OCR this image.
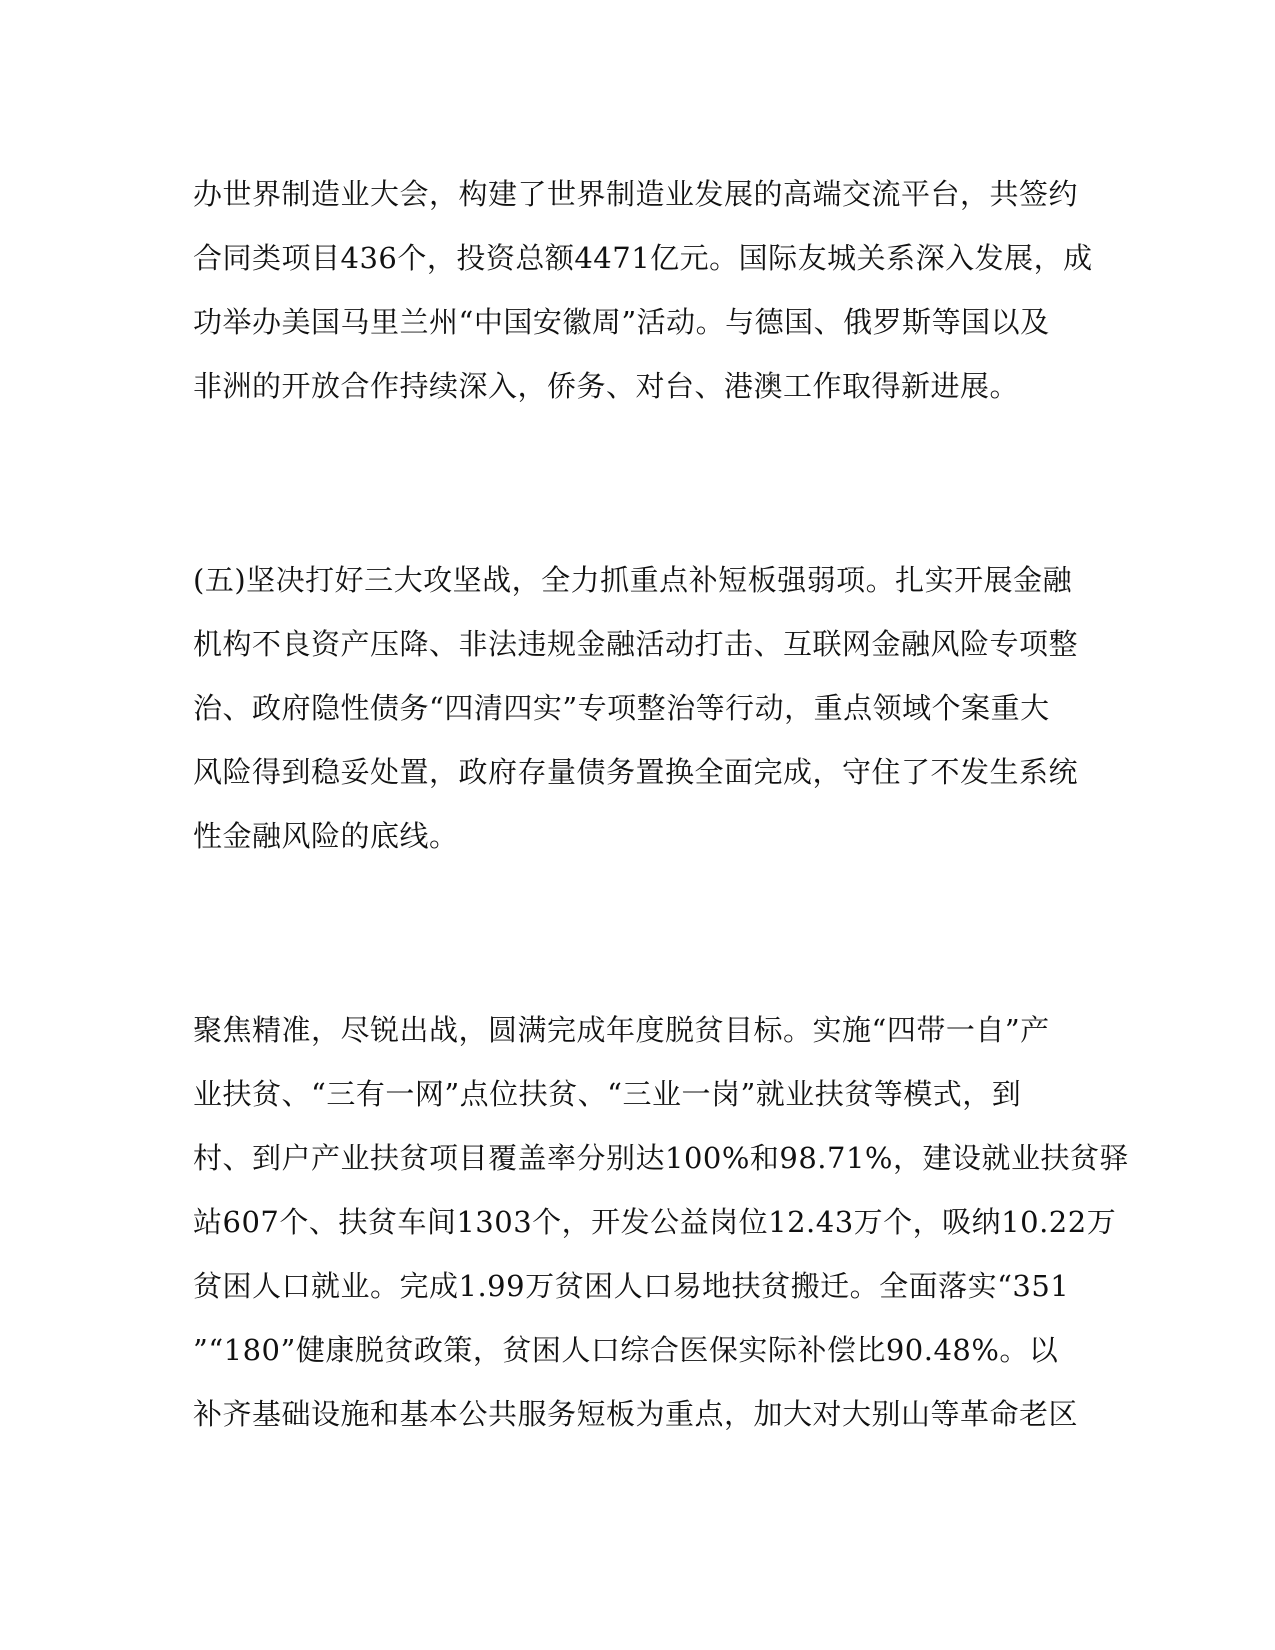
办世界制造业大会，构建了世界制造业发展的高端交流平台，共签约
合同类项目436个，投资总额4471亿元。国际友城关系深入发展，成
功举办美国马里兰州“中国安徽周”活动。与德国、俄罗斯等国以及
非洲的开放合作持续深入，侨务、对台、港澳工作取得新进展。
(五)坚决打好三大攻坚战，全力抓重点补短板强弱项。扎实开展金融
机构不良资产压降、非法违规金融活动打击、互联网金融风险专项整
治、政府隐性债务“四清四实”专项整治等行动，重点领域个案重大
风险得到稳妥处置，政府存量债务置换全面完成，守住了不发生系统
性金融风险的底线。
聚焦精准，尽锐出战，圆满完成年度脱贫目标。实施“四带一自”产
业扶贫、“三有一网”点位扶贫、“三业一岗”就业扶贫等模式，到
村、到户产业扶贫项目覆盖率分别达100%和98.71%，建设就业扶贫驿
站607个、扶贫车间1303个，开发公益岗位12.43万个，吸纳10.22万
贫困人口就业。完成1.99万贫困人口易地扶贫搬迁。全面落实“351
”“180”健康脱贫政策，贫困人口综合医保实际补偿比90.48%。以
补齐基础设施和基本公共服务短板为重点，加大对大别山等革命老区
